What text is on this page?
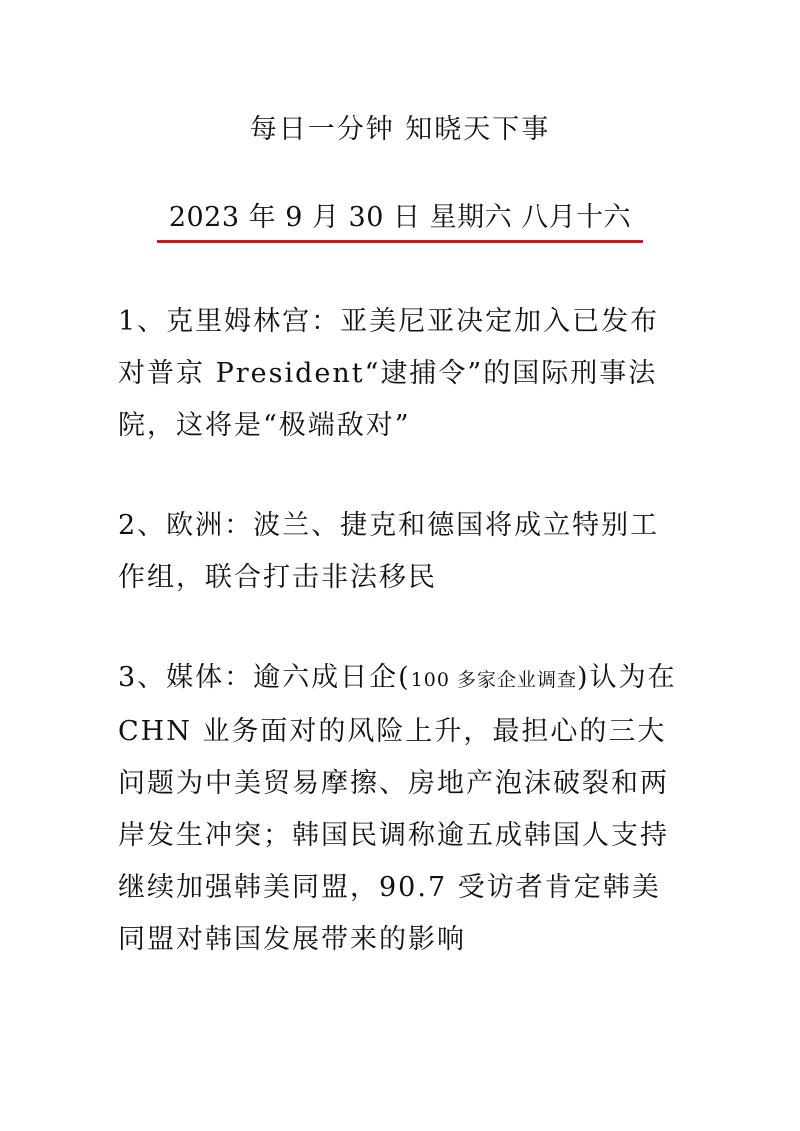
每日一分钟 知晓天下事
2023 年 9 月 30 日 星期六 八月十六

1、克里姆林宫：亚美尼亚决定加入已发布对普京 President“逮捕令”的国际刑事法院，这将是“极端敌对”

2、欧洲：波兰、捷克和德国将成立特别工作组，联合打击非法移民

3、媒体：逾六成日企(100 多家企业调查)认为在 CHN 业务面对的风险上升，最担心的三大问题为中美贸易摩擦、房地产泡沫破裂和两岸发生冲突；韩国民调称逾五成韩国人支持继续加强韩美同盟，90.7 受访者肯定韩美同盟对韩国发展带来的影响
